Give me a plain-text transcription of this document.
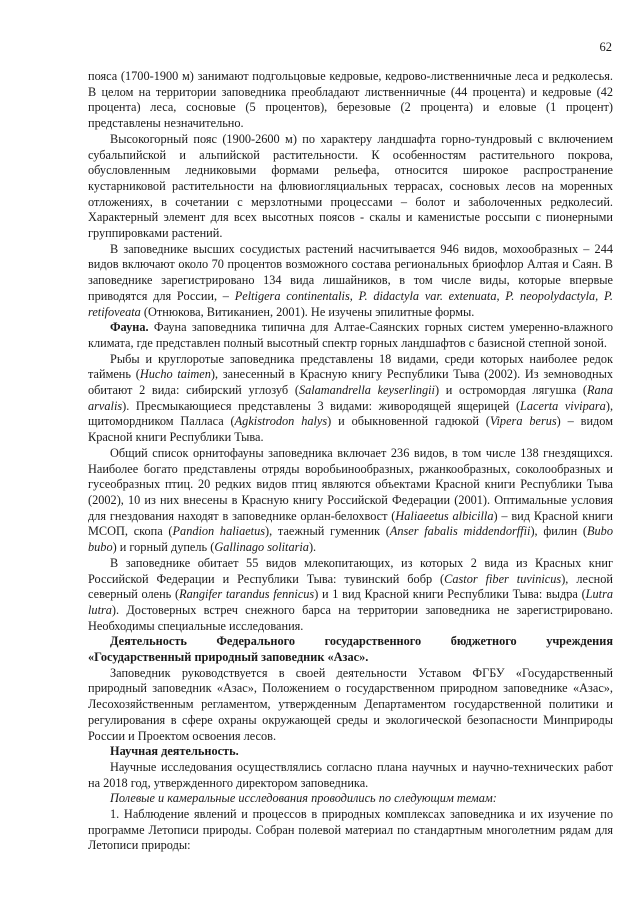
62

пояса (1700-1900 м) занимают подгольцовые кедровые, кедрово-лиственничные леса и редколесья. В целом на территории заповедника преобладают лиственничные (44 процента) и кедровые (42 процента) леса, сосновые (5 процентов), березовые (2 процента) и еловые (1 процент) представлены незначительно.

Высокогорный пояс (1900-2600 м) по характеру ландшафта горно-тундровый с включением субальпийской и альпийской растительности. К особенностям растительного покрова, обусловленным ледниковыми формами рельефа, относится широкое распространение кустарниковой растительности на флювиогляциальных террасах, сосновых лесов на моренных отложениях, в сочетании с мерзлотными процессами – болот и заболоченных редколесий. Характерный элемент для всех высотных поясов - скалы и каменистые россыпи с пионерными группировками растений.

В заповеднике высших сосудистых растений насчитывается 946 видов, мохообразных – 244 видов включают около 70 процентов возможного состава региональных бриофлор Алтая и Саян. В заповеднике зарегистрировано 134 вида лишайников, в том числе виды, которые впервые приводятся для России, – Peltigera continentalis, P. didactyla var. extenuata, P. neopolydactyla, P. retifoveata (Отнюкова, Витиканиен, 2001). Не изучены эпилитные формы.

Фауна. Фауна заповедника типична для Алтае-Саянских горных систем умеренно-влажного климата, где представлен полный высотный спектр горных ландшафтов с базисной степной зоной.

Рыбы и круглоротые заповедника представлены 18 видами, среди которых наиболее редок таймень (Hucho taimen), занесенный в Красную книгу Республики Тыва (2002). Из земноводных обитают 2 вида: сибирский углозуб (Salamandrella keyserlingii) и остромордая лягушка (Rana arvalis). Пресмыкающиеся представлены 3 видами: живородящей ящерицей (Lacerta vivipara), щитомордником Палласа (Agkistrodon halys) и обыкновенной гадюкой (Vipera berus) – видом Красной книги Республики Тыва.

Общий список орнитофауны заповедника включает 236 видов, в том числе 138 гнездящихся. Наиболее богато представлены отряды воробьинообразных, ржанкообразных, соколообразных и гусеобразных птиц. 20 редких видов птиц являются объектами Красной книги Республики Тыва (2002), 10 из них внесены в Красную книгу Российской Федерации (2001). Оптимальные условия для гнездования находят в заповеднике орлан-белохвост (Haliaeetus albicilla) – вид Красной книги МСОП, скопа (Pandion haliaetus), таежный гуменник (Anser fabalis middendorffii), филин (Bubo bubo) и горный дупель (Gallinago solitaria).

В заповеднике обитает 55 видов млекопитающих, из которых 2 вида из Красных книг Российской Федерации и Республики Тыва: тувинский бобр (Castor fiber tuvinicus), лесной северный олень (Rangifer tarandus fennicus) и 1 вид Красной книги Республики Тыва: выдра (Lutra lutra). Достоверных встреч снежного барса на территории заповедника не зарегистрировано. Необходимы специальные исследования.

Деятельность Федерального государственного бюджетного учреждения «Государственный природный заповедник «Азас».

Заповедник руководствуется в своей деятельности Уставом ФГБУ «Государственный природный заповедник «Азас», Положением о государственном природном заповеднике «Азас», Лесохозяйственным регламентом, утвержденным Департаментом государственной политики и регулирования в сфере охраны окружающей среды и экологической безопасности Минприроды России и Проектом освоения лесов.

Научная деятельность.

Научные исследования осуществлялись согласно плана научных и научно-технических работ на 2018 год, утвержденного директором заповедника.

Полевые и камеральные исследования проводились по следующим темам:

1. Наблюдение явлений и процессов в природных комплексах заповедника и их изучение по программе Летописи природы. Собран полевой материал по стандартным многолетним рядам для Летописи природы:
